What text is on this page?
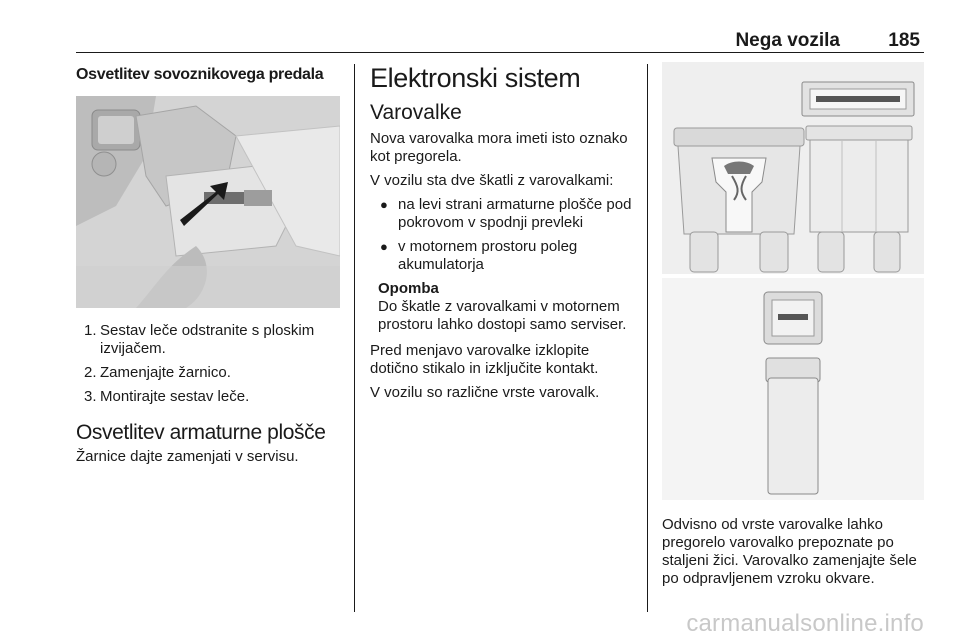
Nega vozila	185
Osvetlitev sovoznikovega predala
1. Sestav leče odstranite s ploskim izvijačem.
2. Zamenjajte žarnico.
3. Montirajte sestav leče.
Osvetlitev armaturne plošče

Žarnice dajte zamenjati v servisu.

Elektronski sistem
Varovalke

Nova varovalka mora imeti isto oznako kot pregorela.

V vozilu sta dve škatli z varovalkami:

● na levi strani armaturne plošče pod pokrovom v spodnji prevleki
● v motornem prostoru poleg akumulatorja
Opomba

Do škatle z varovalkami v motornem prostoru lahko dostopi samo serviser.

Pred menjavo varovalke izklopite dotično stikalo in izključite kontakt.

V vozilu so različne vrste varovalk.

Odvisno od vrste varovalke lahko pregorelo varovalko prepoznate po staljeni žici. Varovalko zamenjajte šele po odpravljenem vzroku okvare.

carmanualsonline.info
